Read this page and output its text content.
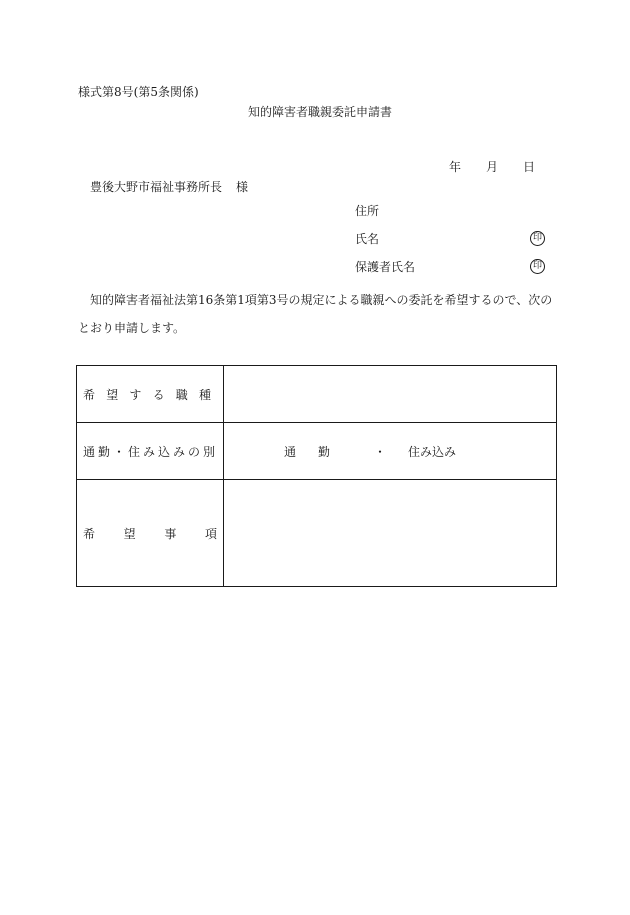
様式第8号(第5条関係)
知的障害者職親委託申請書
年 月 日
豊後大野市福祉事務所長 様
住所
氏名	印
保護者氏名	印
知的障害者福祉法第16条第1項第3号の規定による職親への委託を希望するので、次のとおり申請します。
希望する職種	
通勤・住み込みの別	通勤 ・ 住み込み
希望事項	
